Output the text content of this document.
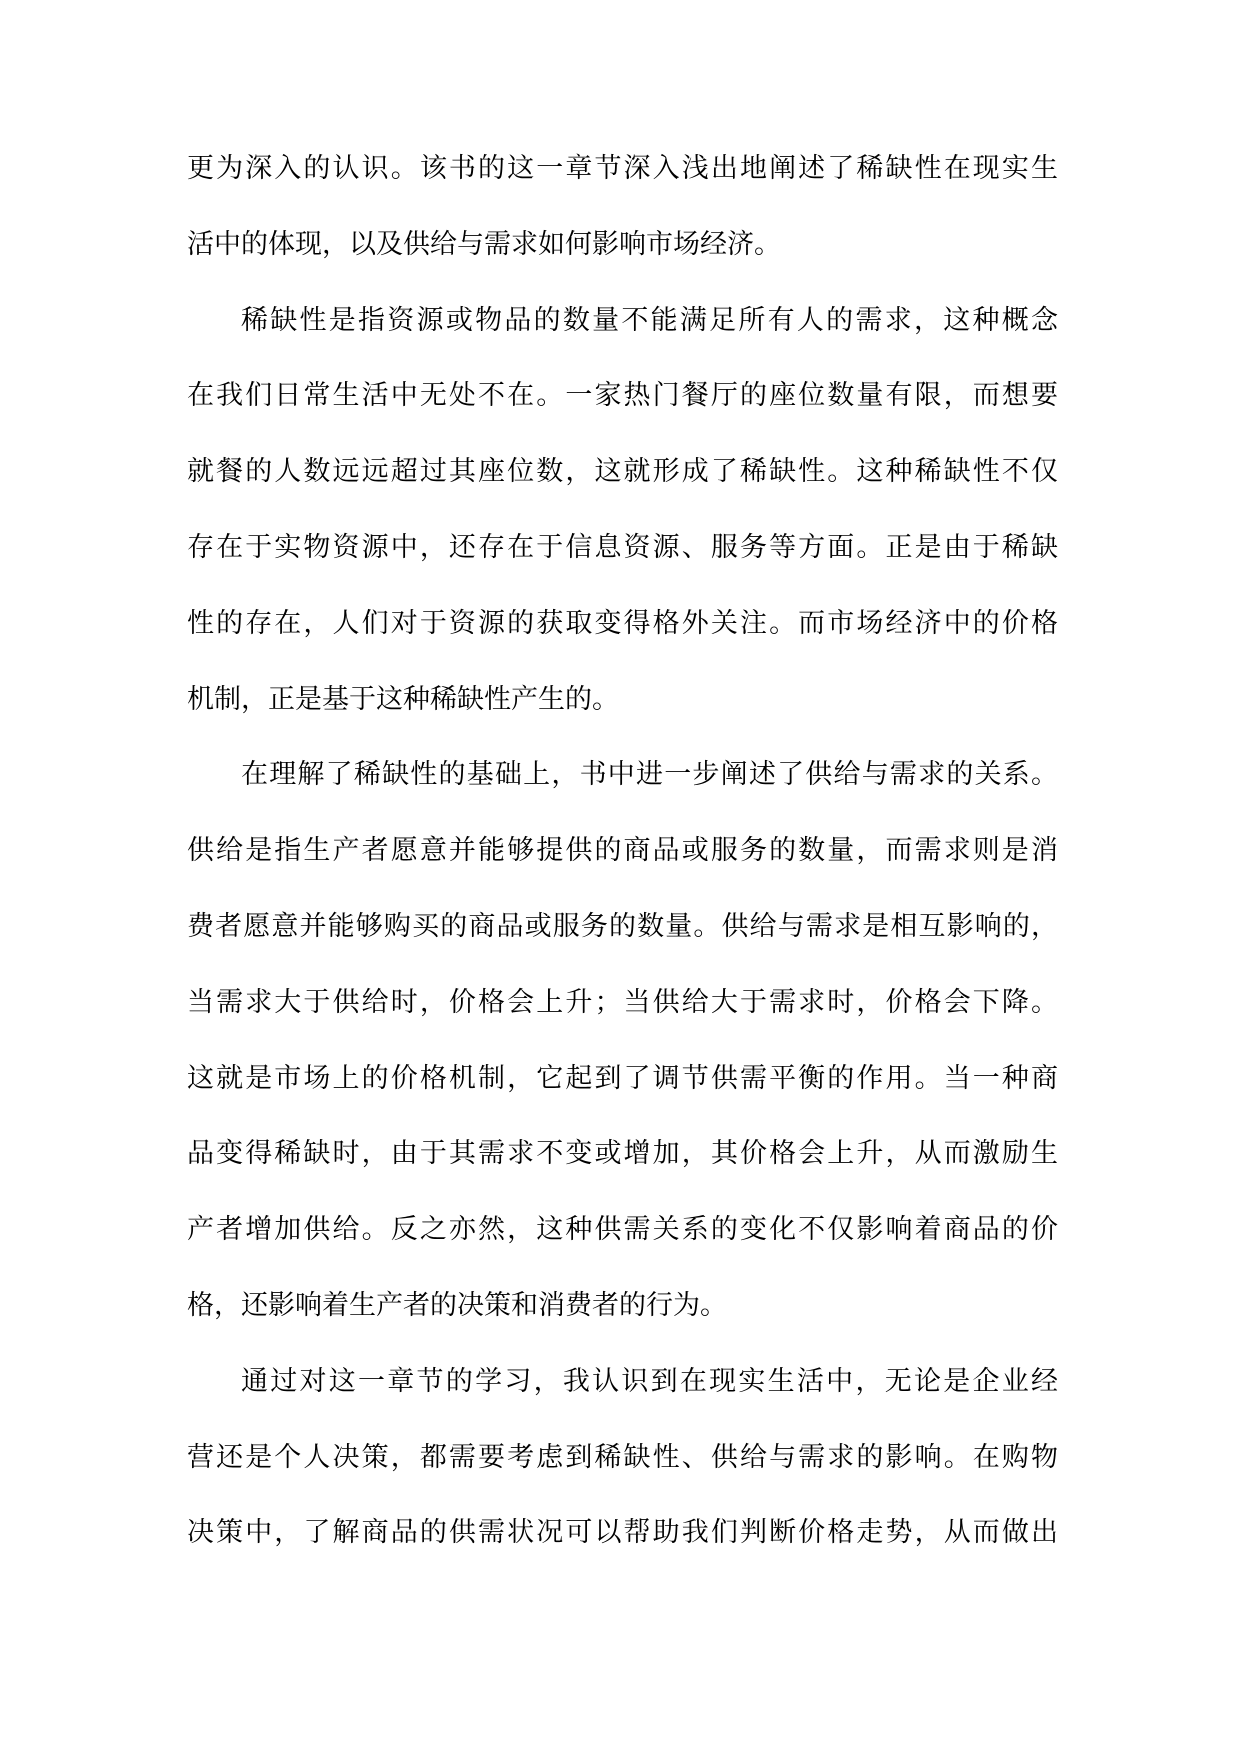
更为深入的认识。该书的这一章节深入浅出地阐述了稀缺性在现实生
活中的体现，以及供给与需求如何影响市场经济。
稀缺性是指资源或物品的数量不能满足所有人的需求，这种概念
在我们日常生活中无处不在。一家热门餐厅的座位数量有限，而想要
就餐的人数远远超过其座位数，这就形成了稀缺性。这种稀缺性不仅
存在于实物资源中，还存在于信息资源、服务等方面。正是由于稀缺
性的存在，人们对于资源的获取变得格外关注。而市场经济中的价格
机制，正是基于这种稀缺性产生的。
在理解了稀缺性的基础上，书中进一步阐述了供给与需求的关系。
供给是指生产者愿意并能够提供的商品或服务的数量，而需求则是消
费者愿意并能够购买的商品或服务的数量。供给与需求是相互影响的，
当需求大于供给时，价格会上升；当供给大于需求时，价格会下降。
这就是市场上的价格机制，它起到了调节供需平衡的作用。当一种商
品变得稀缺时，由于其需求不变或增加，其价格会上升，从而激励生
产者增加供给。反之亦然，这种供需关系的变化不仅影响着商品的价
格，还影响着生产者的决策和消费者的行为。
通过对这一章节的学习，我认识到在现实生活中，无论是企业经
营还是个人决策，都需要考虑到稀缺性、供给与需求的影响。在购物
决策中，了解商品的供需状况可以帮助我们判断价格走势，从而做出
